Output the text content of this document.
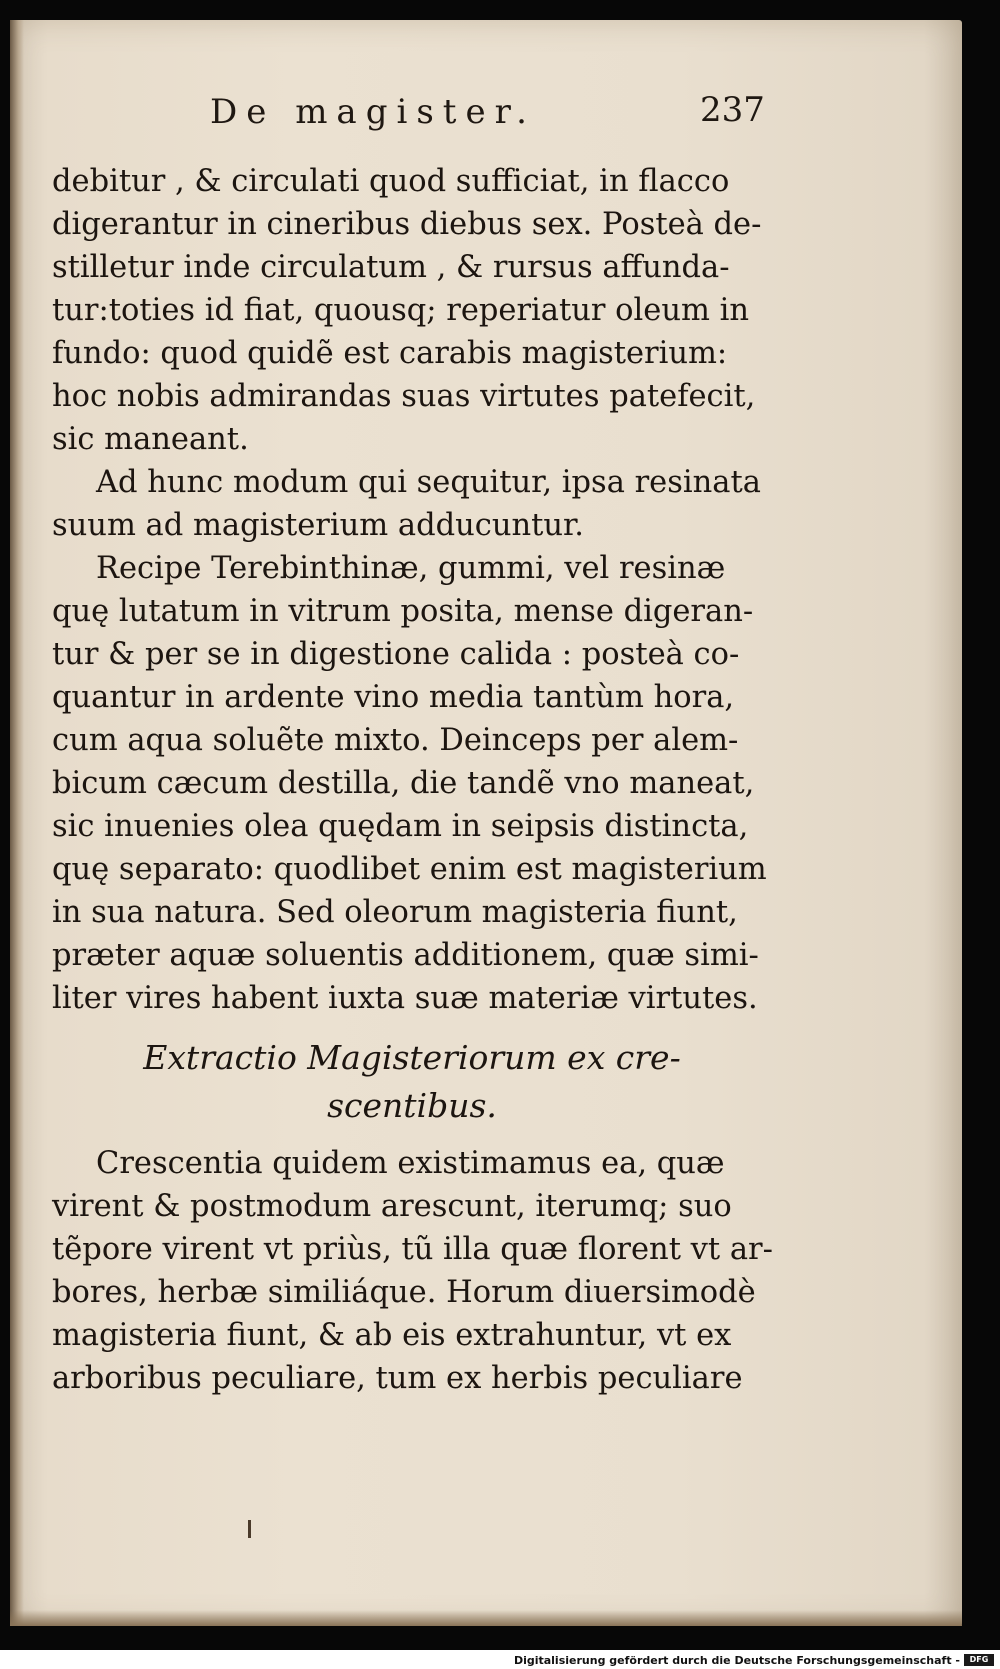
De magister.	237
debitur , & circulati quod sufficiat, in flacco
digerantur in cineribus diebus sex. Posteà de-
stilletur inde circulatum , & rursus affunda-
tur:toties id fiat, quousq; reperiatur oleum in
fundo: quod quidẽ est carabis magisterium:
hoc nobis admirandas suas virtutes patefecit,
sic maneant.
Ad hunc modum qui sequitur, ipsa resinata
suum ad magisterium adducuntur.
Recipe Terebinthinæ, gummi, vel resinæ
quę lutatum in vitrum posita, mense digeran-
tur & per se in digestione calida : posteà co-
quantur in ardente vino media tantùm hora,
cum aqua soluẽte mixto. Deinceps per alem-
bicum cæcum destilla, die tandẽ vno maneat,
sic inuenies olea quędam in seipsis distincta,
quę separato: quodlibet enim est magisterium
in sua natura. Sed oleorum magisteria fiunt,
præter aquæ soluentis additionem, quæ simi-
liter vires habent iuxta suæ materiæ virtutes.
Extractio Magisteriorum ex cre-
scentibus.
Crescentia quidem existimamus ea, quæ
virent & postmodum arescunt, iterumq; suo
tẽpore virent vt priùs, tũ illa quæ florent vt ar-
bores, herbæ similiáque. Horum diuersimodè
magisteria fiunt, & ab eis extrahuntur, vt ex
arboribus peculiare, tum ex herbis peculiare
Digitalisierung gefördert durch die Deutsche Forschungsgemeinschaft -	DFG
